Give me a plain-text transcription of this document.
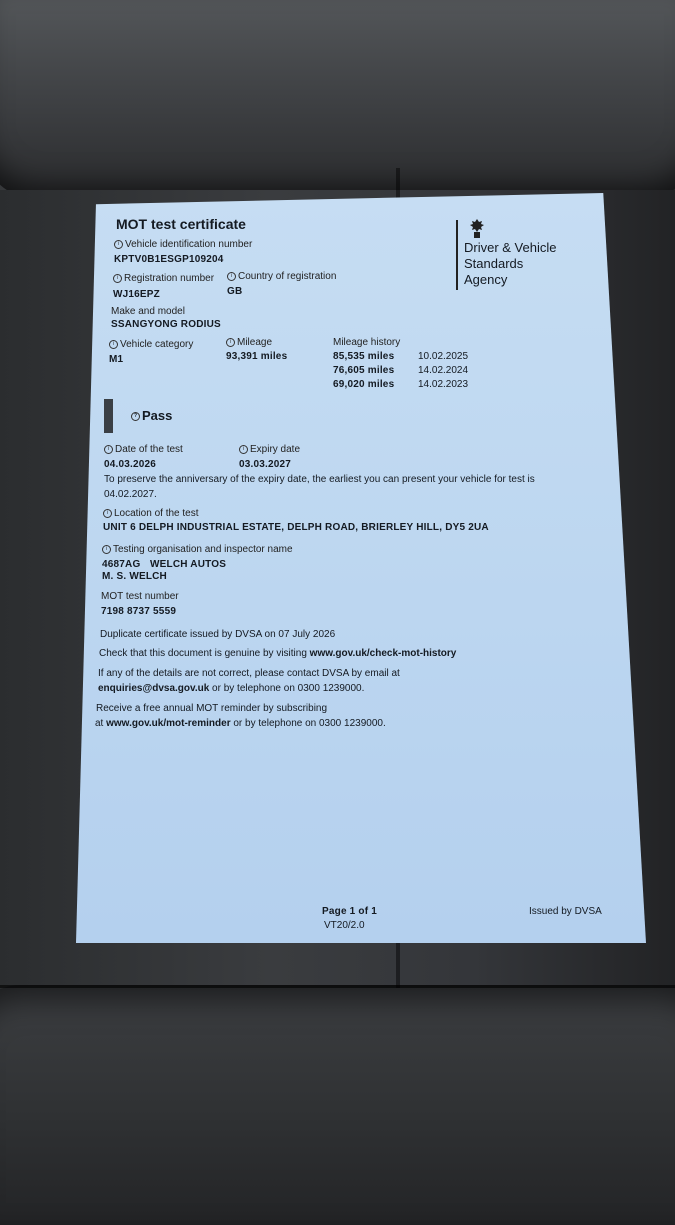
MOT test certificate
Driver & Vehicle
Standards
Agency
i Vehicle identification number
KPTV0B1ESGP109204
i Registration number
WJ16EPZ
i Country of registration
GB
Make and model
SSANGYONG RODIUS
i Vehicle category
M1
i Mileage
93,391 miles
Mileage history
85,535 miles 10.02.2025
76,605 miles 14.02.2024
69,020 miles 14.02.2023
? Pass
i Date of the test
04.03.2026
i Expiry date
03.03.2027
To preserve the anniversary of the expiry date, the earliest you can present your vehicle for test is
04.02.2027.
i Location of the test
UNIT 6 DELPH INDUSTRIAL ESTATE, DELPH ROAD, BRIERLEY HILL, DY5 2UA
i Testing organisation and inspector name
4687AG WELCH AUTOS
M. S. WELCH
MOT test number
7198 8737 5559
Duplicate certificate issued by DVSA on 07 July 2026
Check that this document is genuine by visiting www.gov.uk/check-mot-history
If any of the details are not correct, please contact DVSA by email at
enquiries@dvsa.gov.uk or by telephone on 0300 1239000.
Receive a free annual MOT reminder by subscribing
at www.gov.uk/mot-reminder or by telephone on 0300 1239000.
Page 1 of 1
VT20/2.0
Issued by DVSA
